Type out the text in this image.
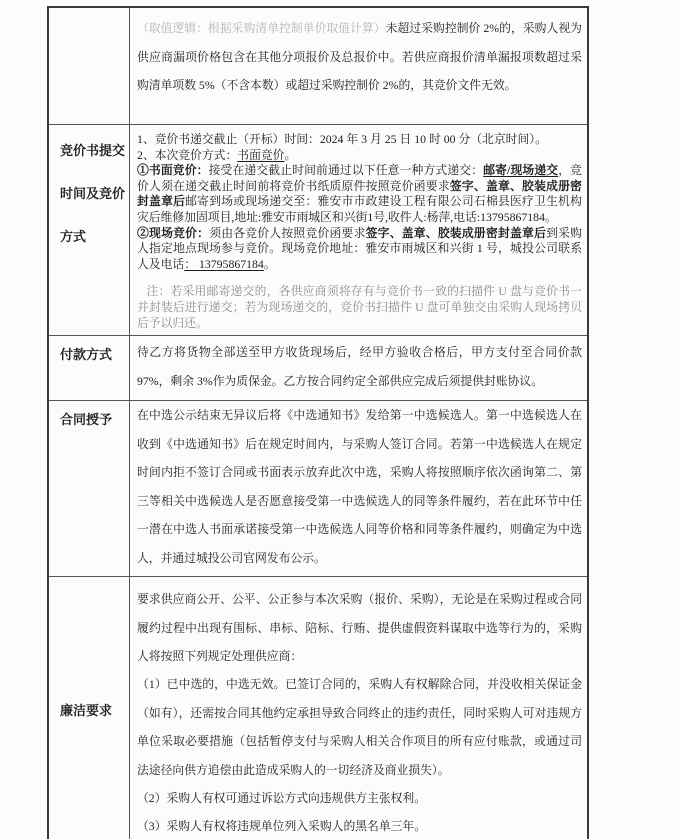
（取值逻辑：根据采购清单控制单价取值计算）未超过采购控制价 2%的，采购人视为供应商漏项价格包含在其他分项报价及总报价中。若供应商报价清单漏报项数超过采购清单项数 5%（不含本数）或超过采购控制价 2%的，其竞价文件无效。

竞价书提交时间及竞价方式

1、竞价书递交截止（开标）时间：2024 年 3 月 25 日 10 时 00 分（北京时间）。

2、本次竞价方式：书面竞价。

①书面竞价：接受在递交截止时间前通过以下任意一种方式递交：邮寄/现场递交，竞价人须在递交截止时间前将竞价书纸质原件按照竞价函要求签字、盖章、胶装成册密封盖章后邮寄到场或现场递交至：雅安市市政建设工程有限公司石棉县医疗卫生机构灾后维修加固项目,地址:雅安市雨城区和兴街1号,收件人:杨萍,电话:13795867184。

②现场竞价：须由各竞价人按照竞价函要求签字、盖章、胶装成册密封盖章后到采购人指定地点现场参与竞价。现场竞价地址：雅安市雨城区和兴街 1 号，城投公司联系人及电话： 13795867184。

注：若采用邮寄递交的，各供应商须将存有与竞价书一致的扫描件 U 盘与竞价书一并封装后进行递交；若为现场递交的，竞价书扫描件 U 盘可单独交由采购人现场拷贝后予以归还。

付款方式	待乙方将货物全部送至甲方收货现场后，经甲方验收合格后，甲方支付至合同价款 97%，剩余 3%作为质保金。乙方按合同约定全部供应完成后须提供封账协议。

合同授予	在中选公示结束无异议后将《中选通知书》发给第一中选候选人。第一中选候选人在收到《中选通知书》后在规定时间内，与采购人签订合同。若第一中选候选人在规定时间内拒不签订合同或书面表示放弃此次中选，采购人将按照顺序依次函询第二、第三等相关中选候选人是否愿意接受第一中选候选人的同等条件履约，若在此环节中任一潜在中选人书面承诺接受第一中选候选人同等价格和同等条件履约，则确定为中选人，并通过城投公司官网发布公示。

廉洁要求

要求供应商公开、公平、公正参与本次采购（报价、采购），无论是在采购过程或合同履约过程中出现有围标、串标、陪标、行贿、提供虚假资料谋取中选等行为的，采购人将按照下列规定处理供应商：

（1）已中选的，中选无效。已签订合同的，采购人有权解除合同，并没收相关保证金（如有），还需按合同其他约定承担导致合同终止的违约责任，同时采购人可对违规方单位采取必要措施（包括暂停支付与采购人相关合作项目的所有应付账款，或通过司法途径向供方追偿由此造成采购人的一切经济及商业损失）。

（2）采购人有权可通过诉讼方式向违规供方主张权利。

（3）采购人有权将违规单位列入采购人的黑名单三年。
